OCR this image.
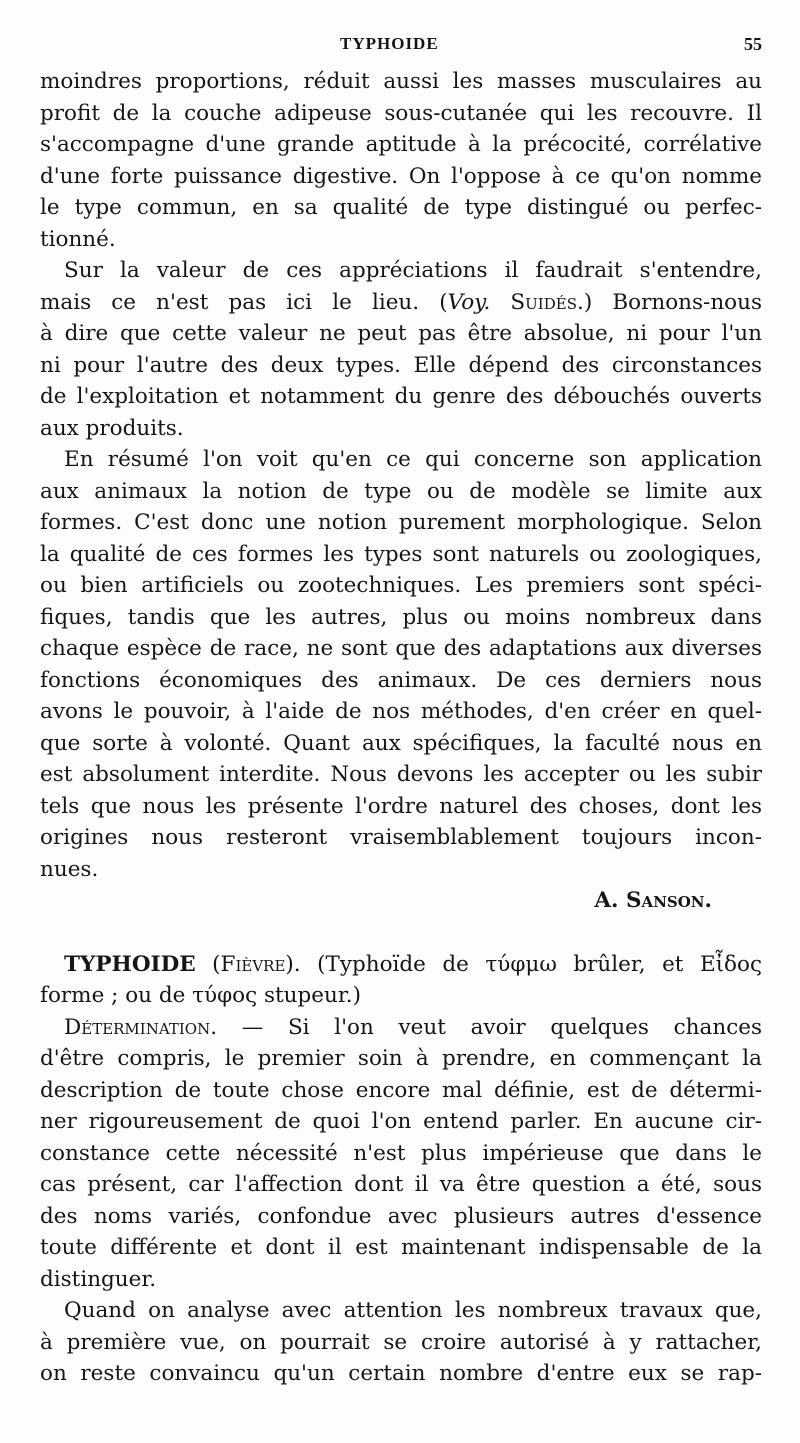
TYPHOIDE	55
moindres proportions, réduit aussi les masses musculaires au
profit de la couche adipeuse sous-cutanée qui les recouvre. Il
s'accompagne d'une grande aptitude à la précocité, corrélative
d'une forte puissance digestive. On l'oppose à ce qu'on nomme
le type commun, en sa qualité de type distingué ou perfec-
tionné.
Sur la valeur de ces appréciations il faudrait s'entendre,
mais ce n'est pas ici le lieu. (Voy. Suidés.) Bornons-nous
à dire que cette valeur ne peut pas être absolue, ni pour l'un
ni pour l'autre des deux types. Elle dépend des circonstances
de l'exploitation et notamment du genre des débouchés ouverts
aux produits.
En résumé l'on voit qu'en ce qui concerne son application
aux animaux la notion de type ou de modèle se limite aux
formes. C'est donc une notion purement morphologique. Selon
la qualité de ces formes les types sont naturels ou zoologiques,
ou bien artificiels ou zootechniques. Les premiers sont spéci-
fiques, tandis que les autres, plus ou moins nombreux dans
chaque espèce de race, ne sont que des adaptations aux diverses
fonctions économiques des animaux. De ces derniers nous
avons le pouvoir, à l'aide de nos méthodes, d'en créer en quel-
que sorte à volonté. Quant aux spécifiques, la faculté nous en
est absolument interdite. Nous devons les accepter ou les subir
tels que nous les présente l'ordre naturel des choses, dont les
origines nous resteront vraisemblablement toujours incon-
nues.
A. Sanson.
TYPHOIDE (Fièvre). (Typhoïde de τύφμω brûler, et Εἶδος
forme ; ou de τύφος stupeur.)
Détermination. — Si l'on veut avoir quelques chances
d'être compris, le premier soin à prendre, en commençant la
description de toute chose encore mal définie, est de détermi-
ner rigoureusement de quoi l'on entend parler. En aucune cir-
constance cette nécessité n'est plus impérieuse que dans le
cas présent, car l'affection dont il va être question a été, sous
des noms variés, confondue avec plusieurs autres d'essence
toute différente et dont il est maintenant indispensable de la
distinguer.
Quand on analyse avec attention les nombreux travaux que,
à première vue, on pourrait se croire autorisé à y rattacher,
on reste convaincu qu'un certain nombre d'entre eux se rap-
